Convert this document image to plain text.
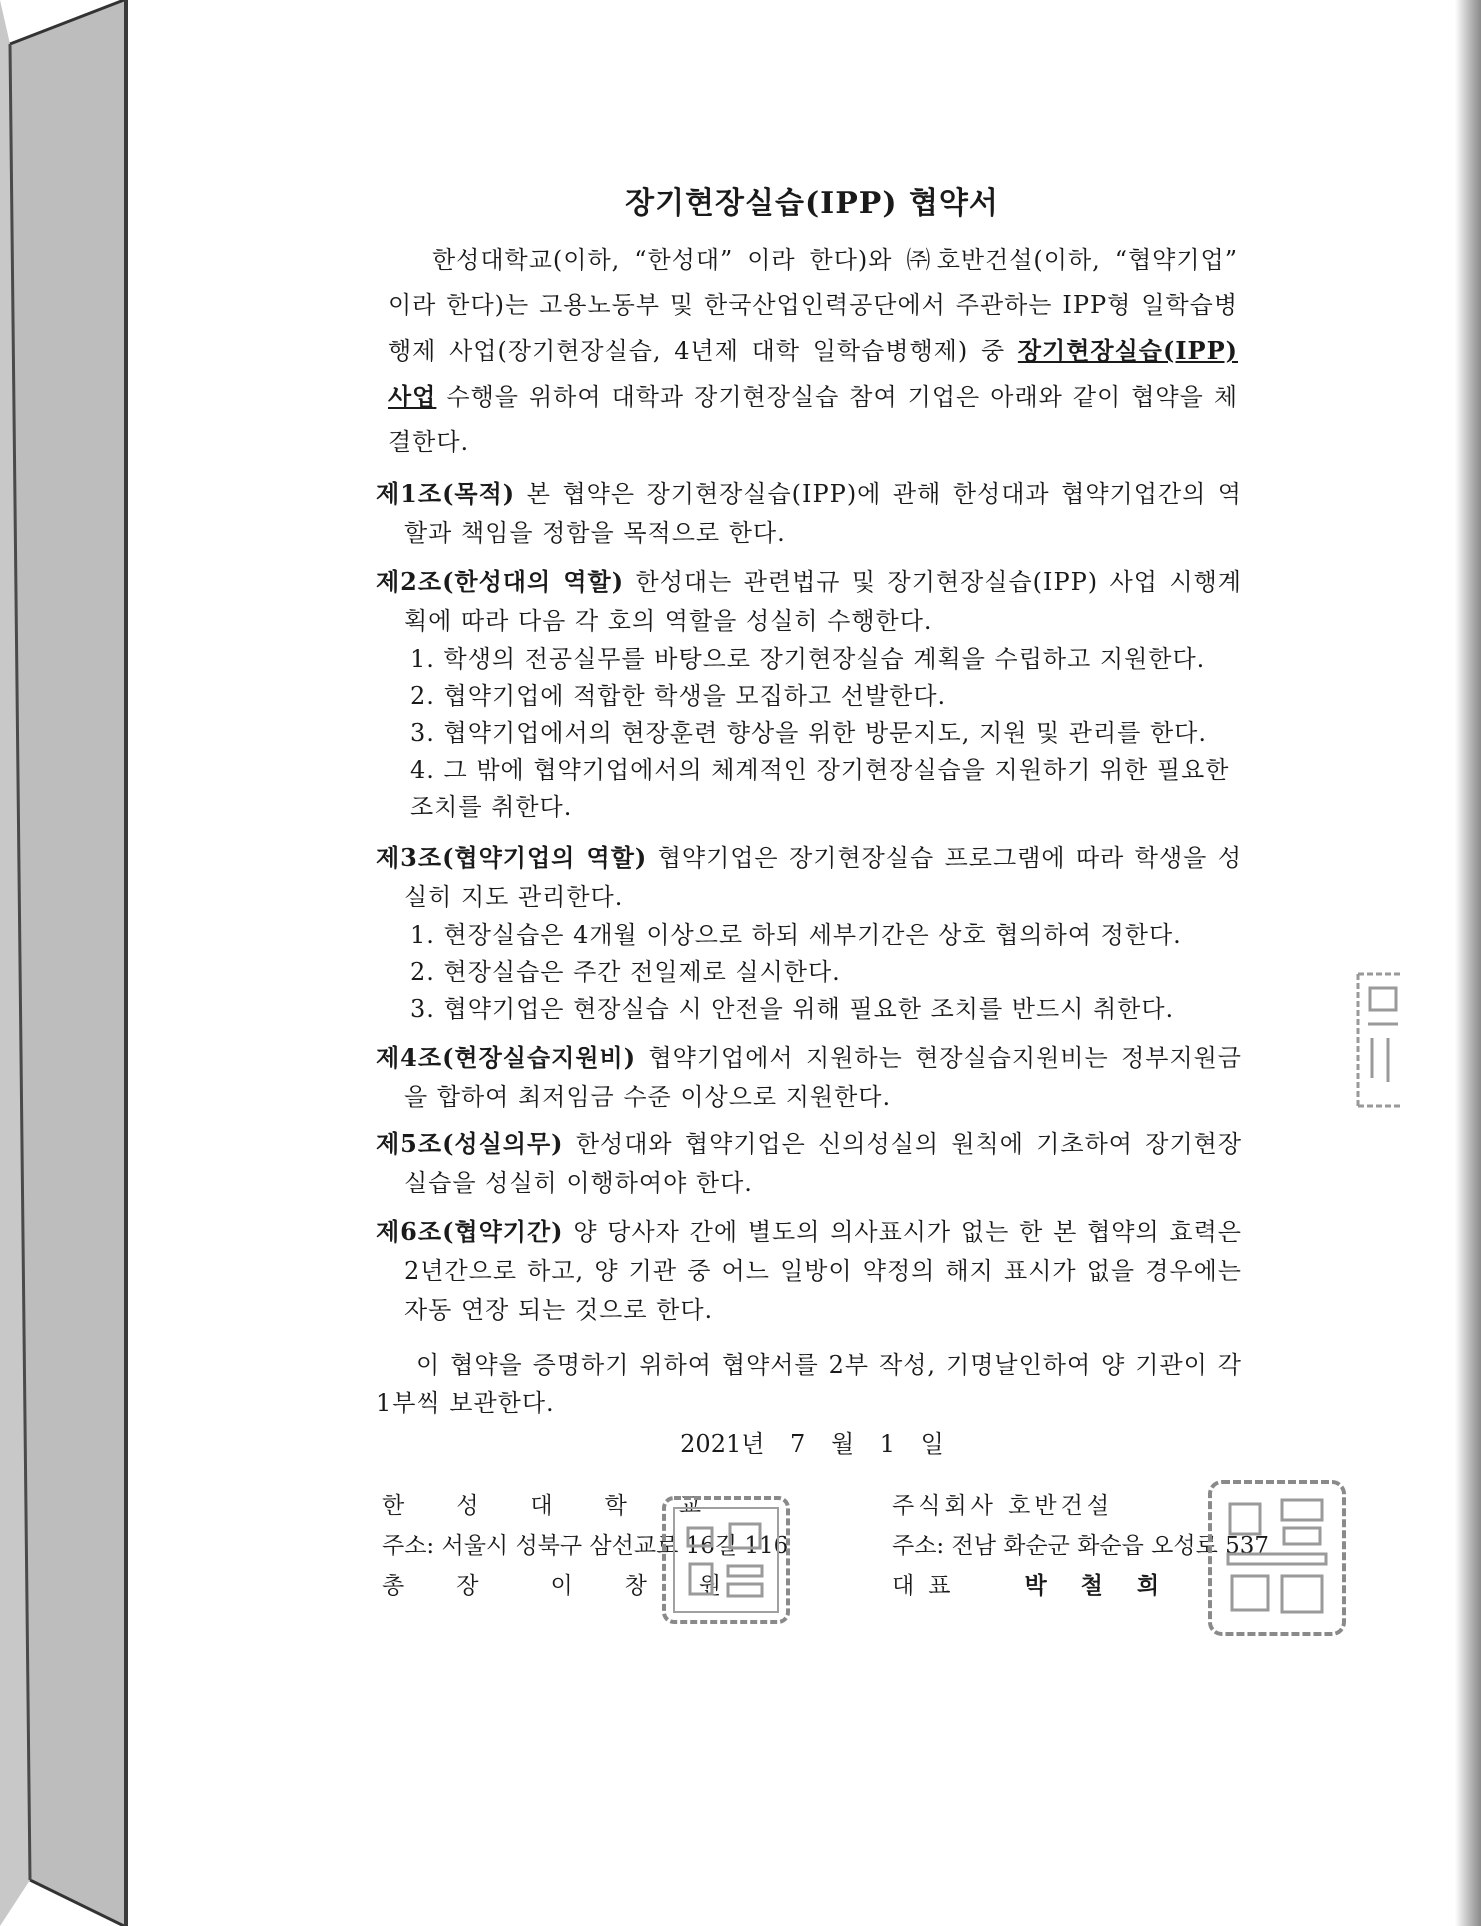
장기현장실습(IPP) 협약서

한성대학교(이하, “한성대” 이라 한다)와 ㈜호반건설(이하, “협약기업” 이라 한다)는 고용노동부 및 한국산업인력공단에서 주관하는 IPP형 일학습병행제 사업(장기현장실습, 4년제 대학 일학습병행제) 중 장기현장실습(IPP) 사업 수행을 위하여 대학과 장기현장실습 참여 기업은 아래와 같이 협약을 체결한다.

제1조(목적) 본 협약은 장기현장실습(IPP)에 관해 한성대과 협약기업간의 역할과 책임을 정함을 목적으로 한다.

제2조(한성대의 역할) 한성대는 관련법규 및 장기현장실습(IPP) 사업 시행계획에 따라 다음 각 호의 역할을 성실히 수행한다.

1. 학생의 전공실무를 바탕으로 장기현장실습 계획을 수립하고 지원한다.
2. 협약기업에 적합한 학생을 모집하고 선발한다.
3. 협약기업에서의 현장훈련 향상을 위한 방문지도, 지원 및 관리를 한다.
4. 그 밖에 협약기업에서의 체계적인 장기현장실습을 지원하기 위한 필요한 조치를 취한다.

제3조(협약기업의 역할) 협약기업은 장기현장실습 프로그램에 따라 학생을 성실히 지도 관리한다.

1. 현장실습은 4개월 이상으로 하되 세부기간은 상호 협의하여 정한다.
2. 현장실습은 주간 전일제로 실시한다.
3. 협약기업은 현장실습 시 안전을 위해 필요한 조치를 반드시 취한다.

제4조(현장실습지원비) 협약기업에서 지원하는 현장실습지원비는 정부지원금을 합하여 최저임금 수준 이상으로 지원한다.

제5조(성실의무) 한성대와 협약기업은 신의성실의 원칙에 기초하여 장기현장실습을 성실히 이행하여야 한다.

제6조(협약기간) 양 당사자 간에 별도의 의사표시가 없는 한 본 협약의 효력은 2년간으로 하고, 양 기관 중 어느 일방이 약정의 해지 표시가 없을 경우에는 자동 연장 되는 것으로 한다.

이 협약을 증명하기 위하여 협약서를 2부 작성, 기명날인하여 양 기관이 각 1부씩 보관한다.

2021년 7 월 1 일
한성대학교
주소: 서울시 성북구 삼선교로 16길 116
총장 이창원
주식회사 호반건설
주소: 전남 화순군 화순읍 오성로 537
대표	박철희
